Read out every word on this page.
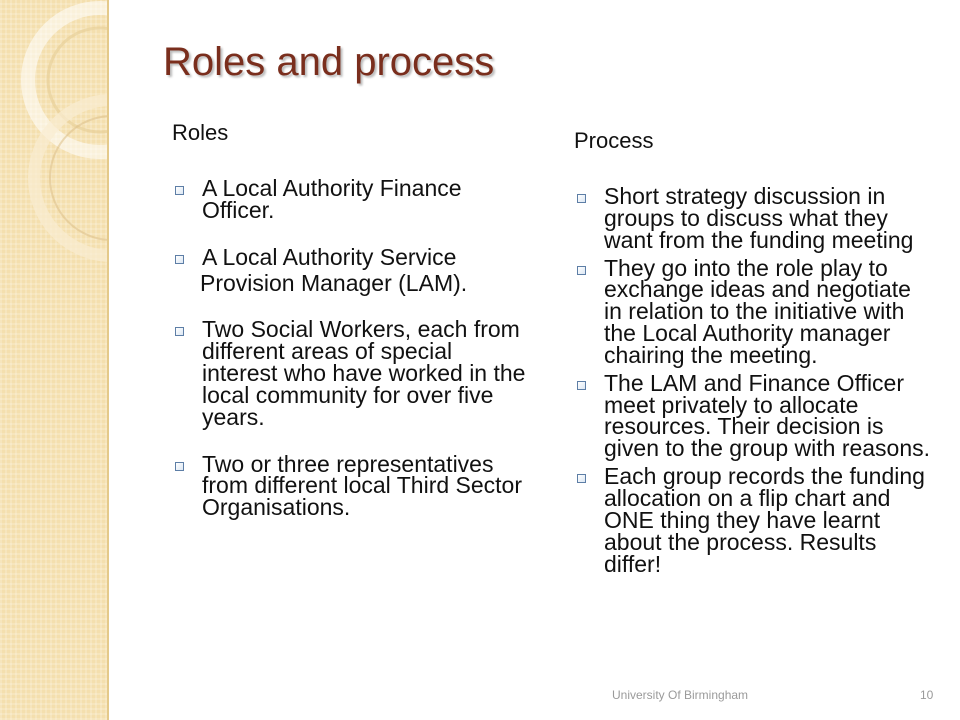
Roles and process
Roles
A Local Authority Finance Officer.
A Local Authority Service
Provision Manager (LAM).
Two Social Workers, each from different areas of special interest who have worked in the local community for over five years.
Two or three representatives from different local Third Sector Organisations.
Process
Short strategy discussion in groups to discuss what they want from the funding meeting
They go into the role play to exchange ideas and negotiate in relation to the initiative with the Local Authority manager chairing the meeting.
The LAM and Finance Officer meet privately to allocate resources. Their decision is given to the group with reasons.
Each group records the funding allocation on a flip chart and ONE thing they have learnt about the process. Results differ!
University Of Birmingham	10
